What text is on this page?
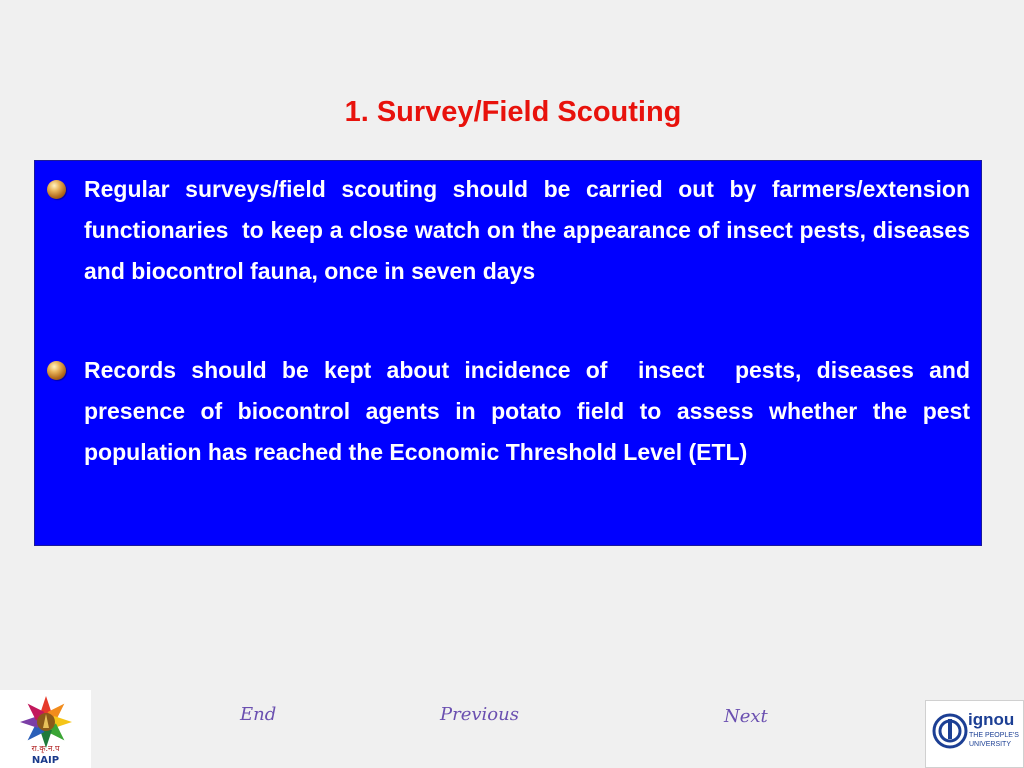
1. Survey/Field Scouting

Regular surveys/field scouting should be carried out by farmers/extension functionaries  to keep a close watch on the appearance of insect pests, diseases and biocontrol fauna, once in seven days

Records should be kept about incidence of  insect  pests, diseases and presence of biocontrol agents in potato field to assess whether the pest population has reached the Economic Threshold Level (ETL)

End	Previous	Next
रा.कृ.न.प
NAIP
ignou
THE PEOPLE'S UNIVERSITY
